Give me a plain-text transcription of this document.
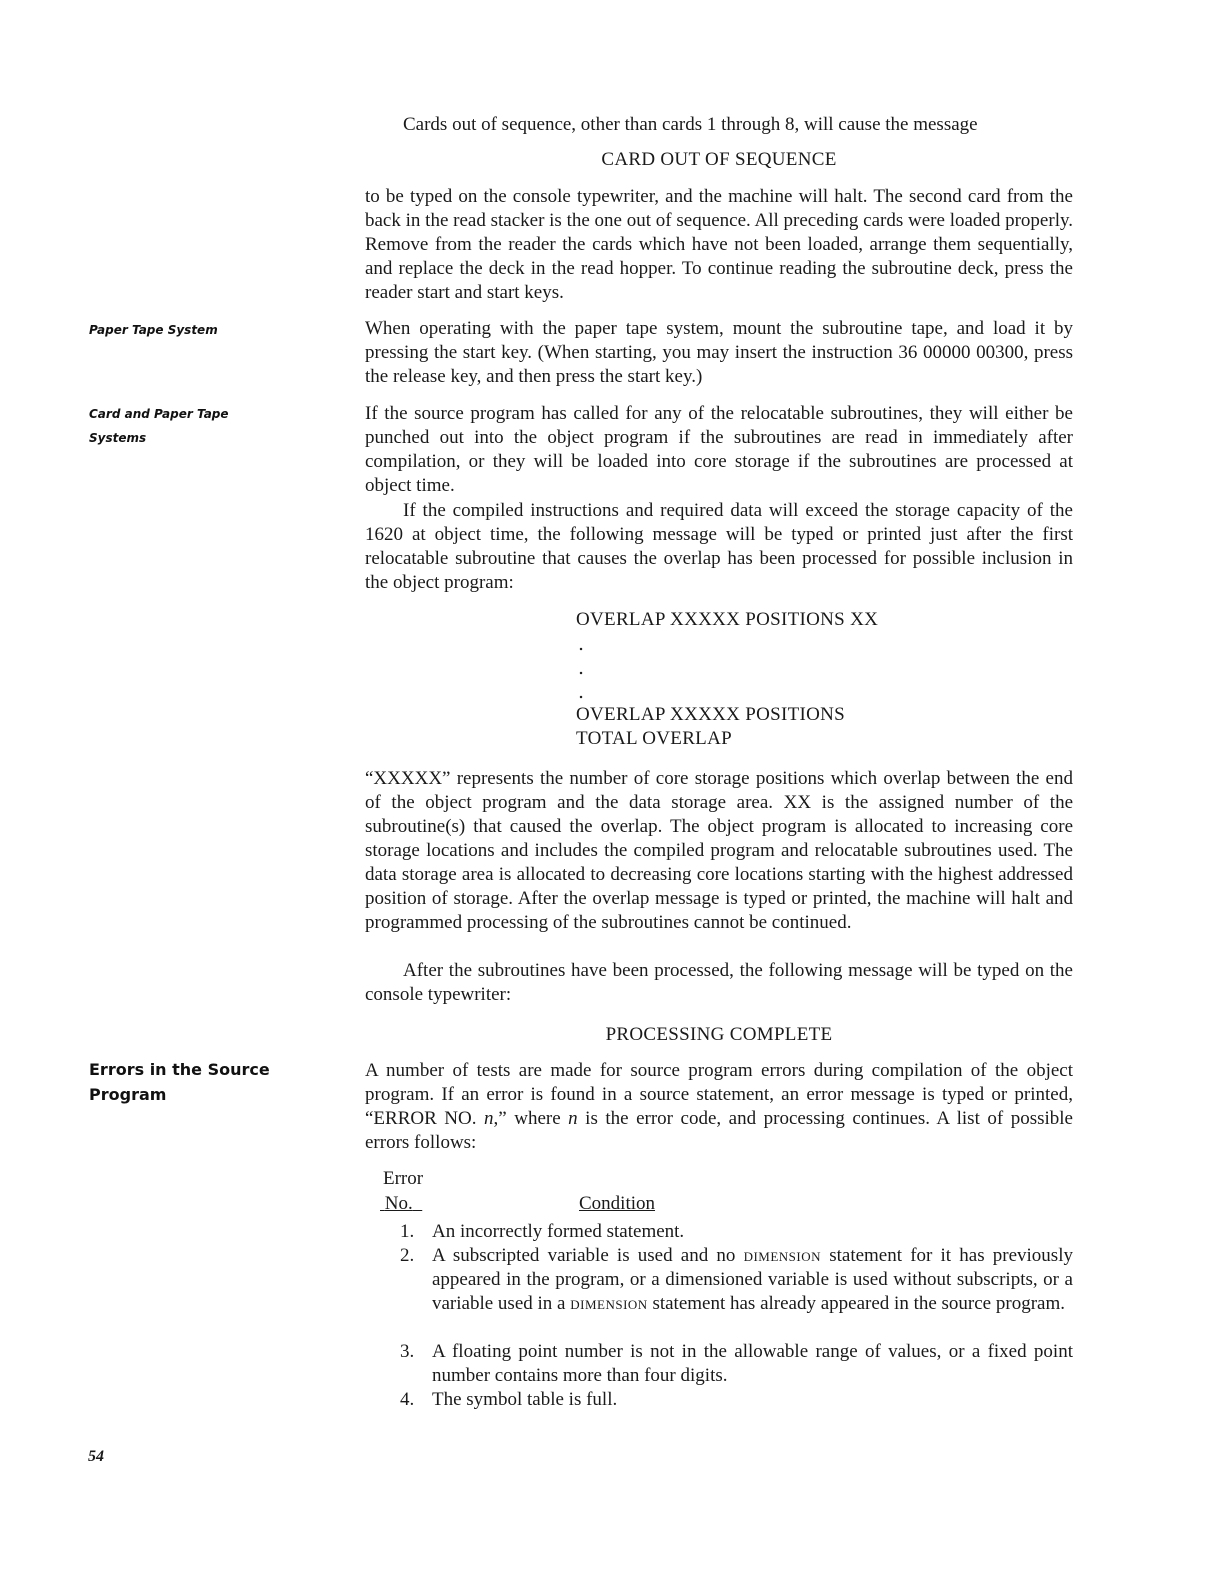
Paper Tape System
Card and Paper Tape
Systems
Errors in the Source
Program
Cards out of sequence, other than cards 1 through 8, will cause the message
CARD OUT OF SEQUENCE
to be typed on the console typewriter, and the machine will halt. The second card from the back in the read stacker is the one out of sequence. All preceding cards were loaded properly. Remove from the reader the cards which have not been loaded, arrange them sequentially, and replace the deck in the read hopper. To continue reading the subroutine deck, press the reader start and start keys.
When operating with the paper tape system, mount the subroutine tape, and load it by pressing the start key. (When starting, you may insert the instruction 36 00000 00300, press the release key, and then press the start key.)
If the source program has called for any of the relocatable subroutines, they will either be punched out into the object program if the subroutines are read in immediately after compilation, or they will be loaded into core storage if the subroutines are processed at object time.
If the compiled instructions and required data will exceed the storage capacity of the 1620 at object time, the following message will be typed or printed just after the first relocatable subroutine that causes the overlap has been processed for possible inclusion in the object program:
OVERLAP XXXXX POSITIONS XX
.
.
.
OVERLAP XXXXX POSITIONS
TOTAL OVERLAP
“XXXXX” represents the number of core storage positions which overlap between the end of the object program and the data storage area. XX is the assigned number of the subroutine(s) that caused the overlap. The object program is allocated to increasing core storage locations and includes the compiled program and relocatable subroutines used. The data storage area is allocated to decreasing core locations starting with the highest addressed position of storage. After the overlap message is typed or printed, the machine will halt and programmed processing of the subroutines cannot be continued.
After the subroutines have been processed, the following message will be typed on the console typewriter:
PROCESSING COMPLETE
A number of tests are made for source program errors during compilation of the object program. If an error is found in a source statement, an error message is typed or printed, “ERROR NO. n,” where n is the error code, and processing continues. A list of possible errors follows:
Error
No.	Condition
1. An incorrectly formed statement.
2. A subscripted variable is used and no dimension statement for it has previously appeared in the program, or a dimensioned variable is used without subscripts, or a variable used in a dimension statement has already appeared in the source program.
3. A floating point number is not in the allowable range of values, or a fixed point number contains more than four digits.
4. The symbol table is full.
54
